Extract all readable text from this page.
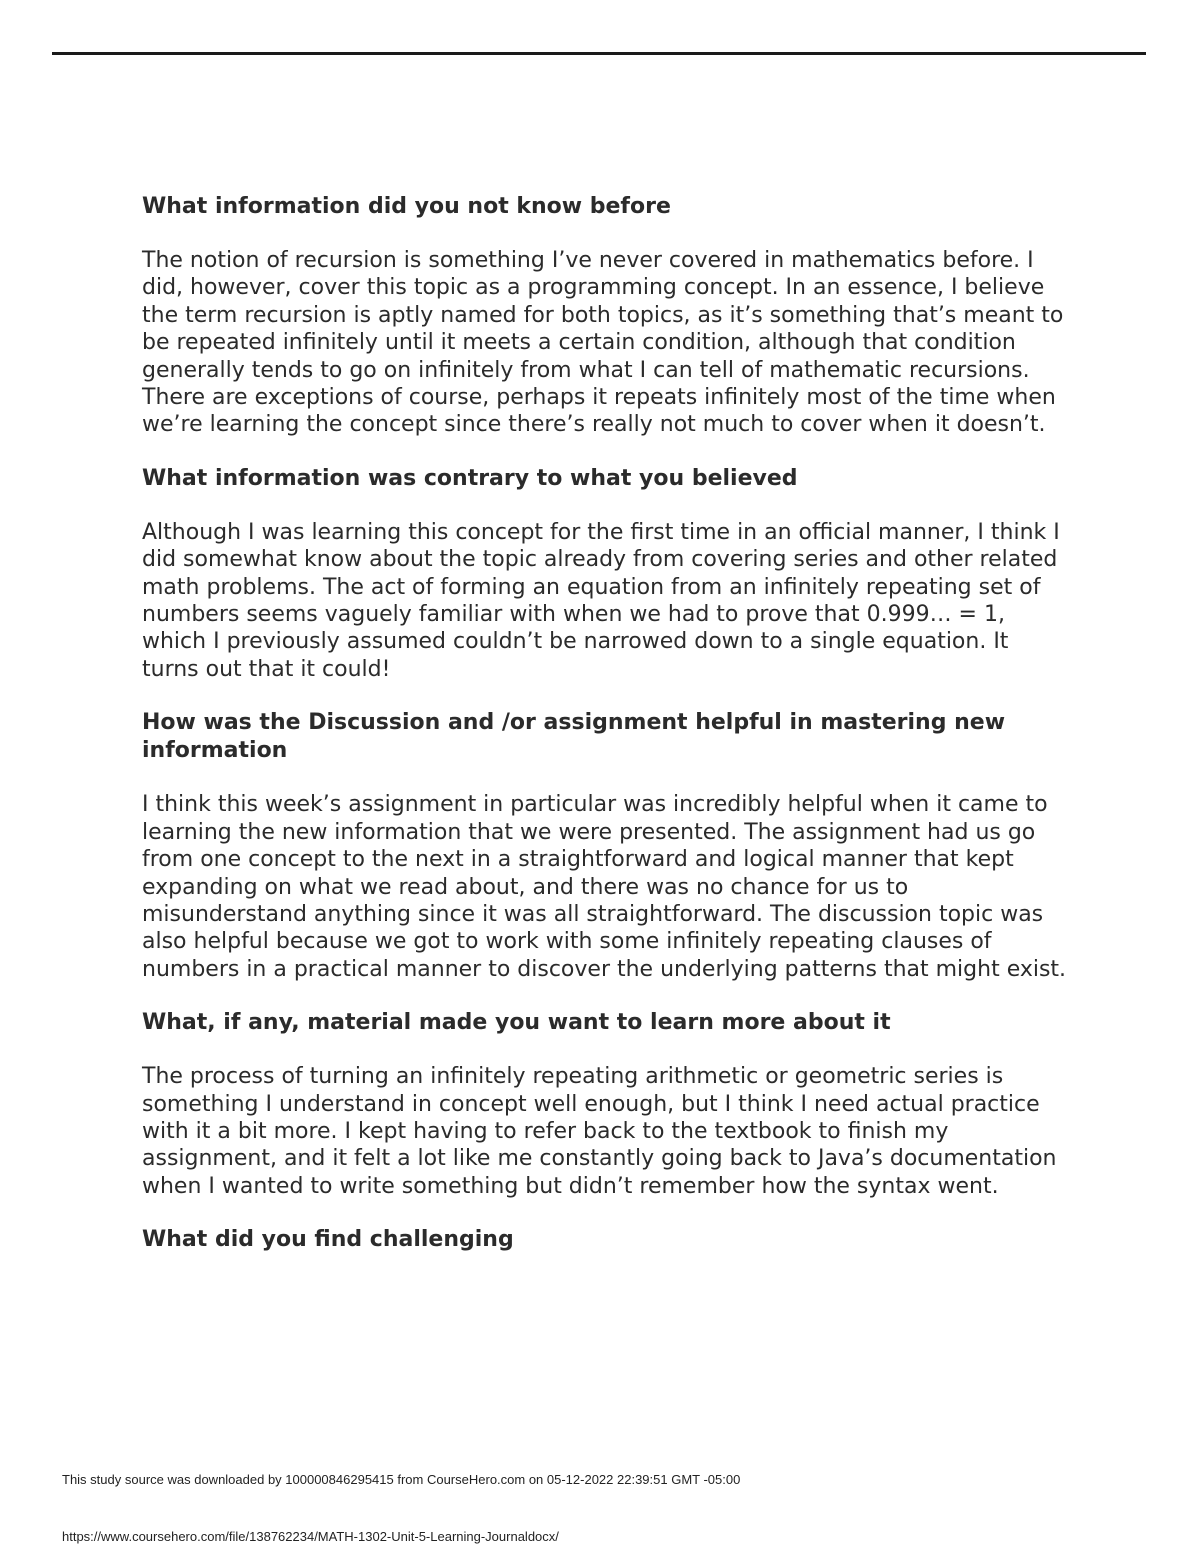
What information did you not know before

The notion of recursion is something I’ve never covered in mathematics before. I did, however, cover this topic as a programming concept. In an essence, I believe the term recursion is aptly named for both topics, as it’s something that’s meant to be repeated infinitely until it meets a certain condition, although that condition generally tends to go on infinitely from what I can tell of mathematic recursions. There are exceptions of course, perhaps it repeats infinitely most of the time when we’re learning the concept since there’s really not much to cover when it doesn’t.

What information was contrary to what you believed

Although I was learning this concept for the first time in an official manner, I think I did somewhat know about the topic already from covering series and other related math problems. The act of forming an equation from an infinitely repeating set of numbers seems vaguely familiar with when we had to prove that 0.999… = 1, which I previously assumed couldn’t be narrowed down to a single equation. It turns out that it could!

How was the Discussion and /or assignment helpful in mastering new information

I think this week’s assignment in particular was incredibly helpful when it came to learning the new information that we were presented. The assignment had us go from one concept to the next in a straightforward and logical manner that kept expanding on what we read about, and there was no chance for us to misunderstand anything since it was all straightforward. The discussion topic was also helpful because we got to work with some infinitely repeating clauses of numbers in a practical manner to discover the underlying patterns that might exist.

What, if any, material made you want to learn more about it

The process of turning an infinitely repeating arithmetic or geometric series is something I understand in concept well enough, but I think I need actual practice with it a bit more. I kept having to refer back to the textbook to finish my assignment, and it felt a lot like me constantly going back to Java’s documentation when I wanted to write something but didn’t remember how the syntax went.

What did you find challenging
This study source was downloaded by 100000846295415 from CourseHero.com on 05-12-2022 22:39:51 GMT -05:00
https://www.coursehero.com/file/138762234/MATH-1302-Unit-5-Learning-Journaldocx/
